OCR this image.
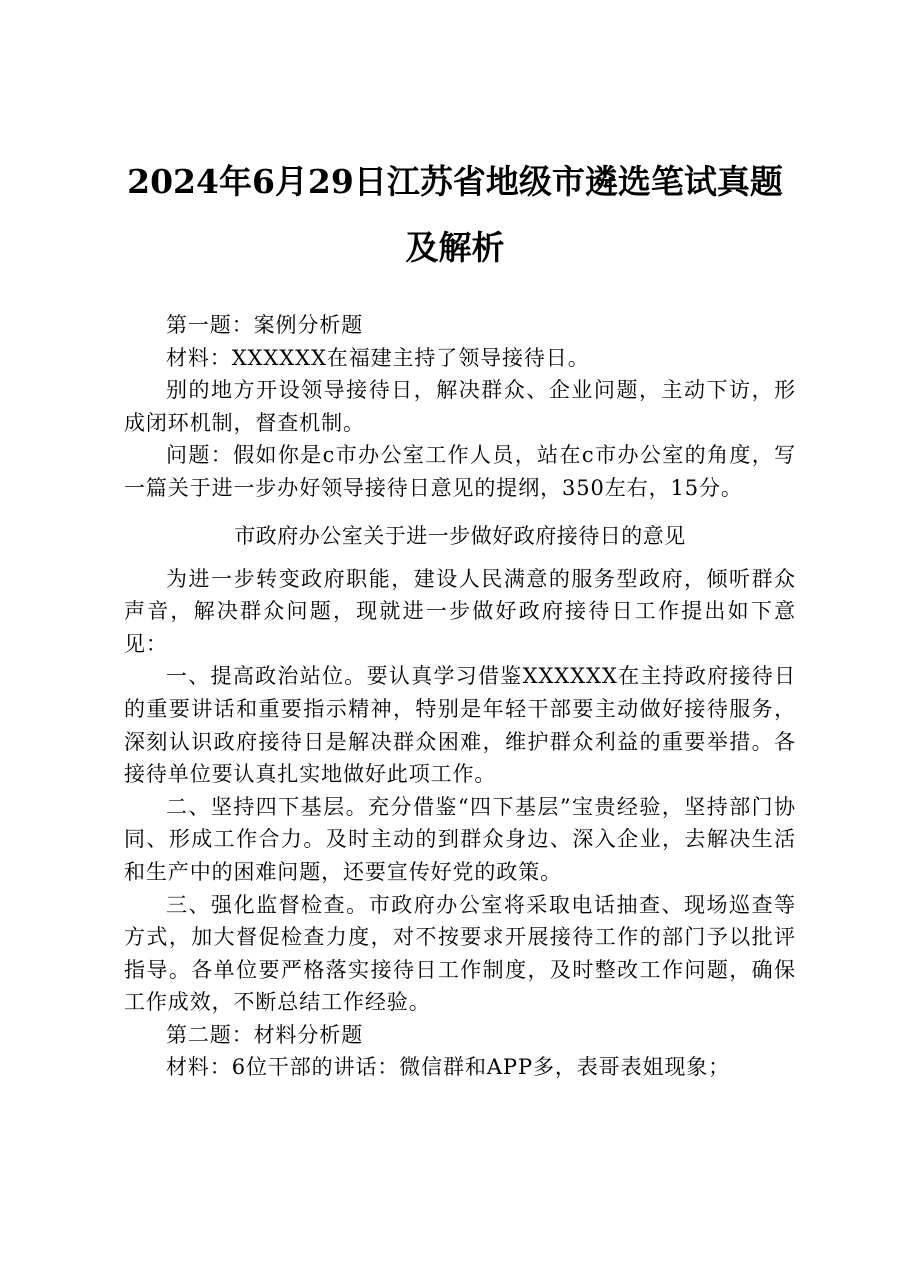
2024年6月29日江苏省地级市遴选笔试真题
及解析

第一题：案例分析题

材料：XXXXXX在福建主持了领导接待日。

别的地方开设领导接待日，解决群众、企业问题，主动下访，形成闭环机制，督查机制。

问题：假如你是c市办公室工作人员，站在c市办公室的角度，写一篇关于进一步办好领导接待日意见的提纲，350左右，15分。

市政府办公室关于进一步做好政府接待日的意见

为进一步转变政府职能，建设人民满意的服务型政府，倾听群众声音，解决群众问题，现就进一步做好政府接待日工作提出如下意见：

一、提高政治站位。要认真学习借鉴XXXXXX在主持政府接待日的重要讲话和重要指示精神，特别是年轻干部要主动做好接待服务，深刻认识政府接待日是解决群众困难，维护群众利益的重要举措。各接待单位要认真扎实地做好此项工作。

二、坚持四下基层。充分借鉴“四下基层”宝贵经验，坚持部门协同、形成工作合力。及时主动的到群众身边、深入企业，去解决生活和生产中的困难问题，还要宣传好党的政策。

三、强化监督检查。市政府办公室将采取电话抽查、现场巡查等方式，加大督促检查力度，对不按要求开展接待工作的部门予以批评指导。各单位要严格落实接待日工作制度，及时整改工作问题，确保工作成效，不断总结工作经验。

第二题：材料分析题

材料：6位干部的讲话：微信群和APP多，表哥表姐现象；
